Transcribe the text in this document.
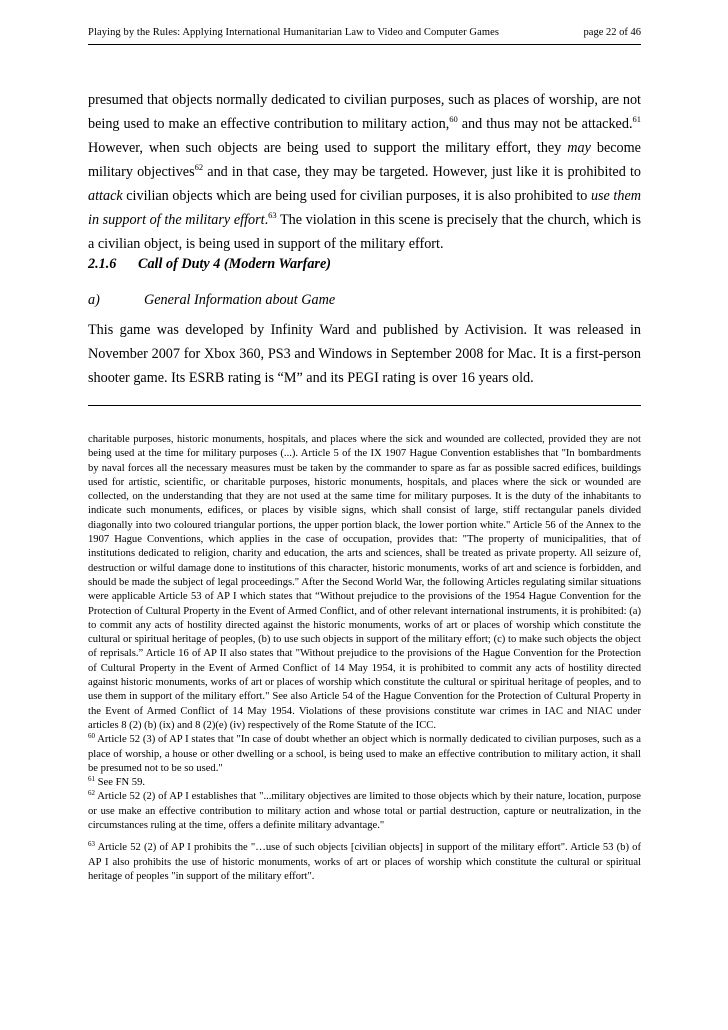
Playing by the Rules: Applying International Humanitarian Law to Video and Computer Games	page 22 of 46

presumed that objects normally dedicated to civilian purposes, such as places of worship, are not being used to make an effective contribution to military action,$^{60}$ and thus may not be attacked.$^{61}$ However, when such objects are being used to support the military effort, they may become military objectives$^{62}$ and in that case, they may be targeted. However, just like it is prohibited to attack civilian objects which are being used for civilian purposes, it is also prohibited to use them in support of the military effort.$^{63}$ The violation in this scene is precisely that the church, which is a civilian object, is being used in support of the military effort.

2.1.6 Call of Duty 4 (Modern Warfare)
a)	General Information about Game

This game was developed by Infinity Ward and published by Activision. It was released in November 2007 for Xbox 360, PS3 and Windows in September 2008 for Mac. It is a first-person shooter game. Its ESRB rating is “M” and its PEGI rating is over 16 years old.

charitable purposes, historic monuments, hospitals, and places where the sick and wounded are collected, provided they are not being used at the time for military purposes (...). Article 5 of the IX 1907 Hague Convention establishes that "In bombardments by naval forces all the necessary measures must be taken by the commander to spare as far as possible sacred edifices, buildings used for artistic, scientific, or charitable purposes, historic monuments, hospitals, and places where the sick or wounded are collected, on the understanding that they are not used at the same time for military purposes. It is the duty of the inhabitants to indicate such monuments, edifices, or places by visible signs, which shall consist of large, stiff rectangular panels divided diagonally into two coloured triangular portions, the upper portion black, the lower portion white." Article 56 of the Annex to the 1907 Hague Conventions, which applies in the case of occupation, provides that: "The property of municipalities, that of institutions dedicated to religion, charity and education, the arts and sciences, shall be treated as private property. All seizure of, destruction or wilful damage done to institutions of this character, historic monuments, works of art and science is forbidden, and should be made the subject of legal proceedings." After the Second World War, the following Articles regulating similar situations were applicable Article 53 of AP I which states that “Without prejudice to the provisions of the 1954 Hague Convention for the Protection of Cultural Property in the Event of Armed Conflict, and of other relevant international instruments, it is prohibited: (a) to commit any acts of hostility directed against the historic monuments, works of art or places of worship which constitute the cultural or spiritual heritage of peoples, (b) to use such objects in support of the military effort; (c) to make such objects the object of reprisals.” Article 16 of AP II also states that "Without prejudice to the provisions of the Hague Convention for the Protection of Cultural Property in the Event of Armed Conflict of 14 May 1954, it is prohibited to commit any acts of hostility directed against historic monuments, works of art or places of worship which constitute the cultural or spiritual heritage of peoples, and to use them in support of the military effort." See also Article 54 of the Hague Convention for the Protection of Cultural Property in the Event of Armed Conflict of 14 May 1954. Violations of these provisions constitute war crimes in IAC and NIAC under articles 8 (2) (b) (ix) and 8 (2)(e) (iv) respectively of the Rome Statute of the ICC.

$^{60}$ Article 52 (3) of AP I states that "In case of doubt whether an object which is normally dedicated to civilian purposes, such as a place of worship, a house or other dwelling or a school, is being used to make an effective contribution to military action, it shall be presumed not to be so used."

$^{61}$ See FN 59.

$^{62}$ Article 52 (2) of AP I establishes that "...military objectives are limited to those objects which by their nature, location, purpose or use make an effective contribution to military action and whose total or partial destruction, capture or neutralization, in the circumstances ruling at the time, offers a definite military advantage."

$^{63}$ Article 52 (2) of AP I prohibits the "…use of such objects [civilian objects] in support of the military effort". Article 53 (b) of AP I also prohibits the use of historic monuments, works of art or places of worship which constitute the cultural or spiritual heritage of peoples "in support of the military effort".
